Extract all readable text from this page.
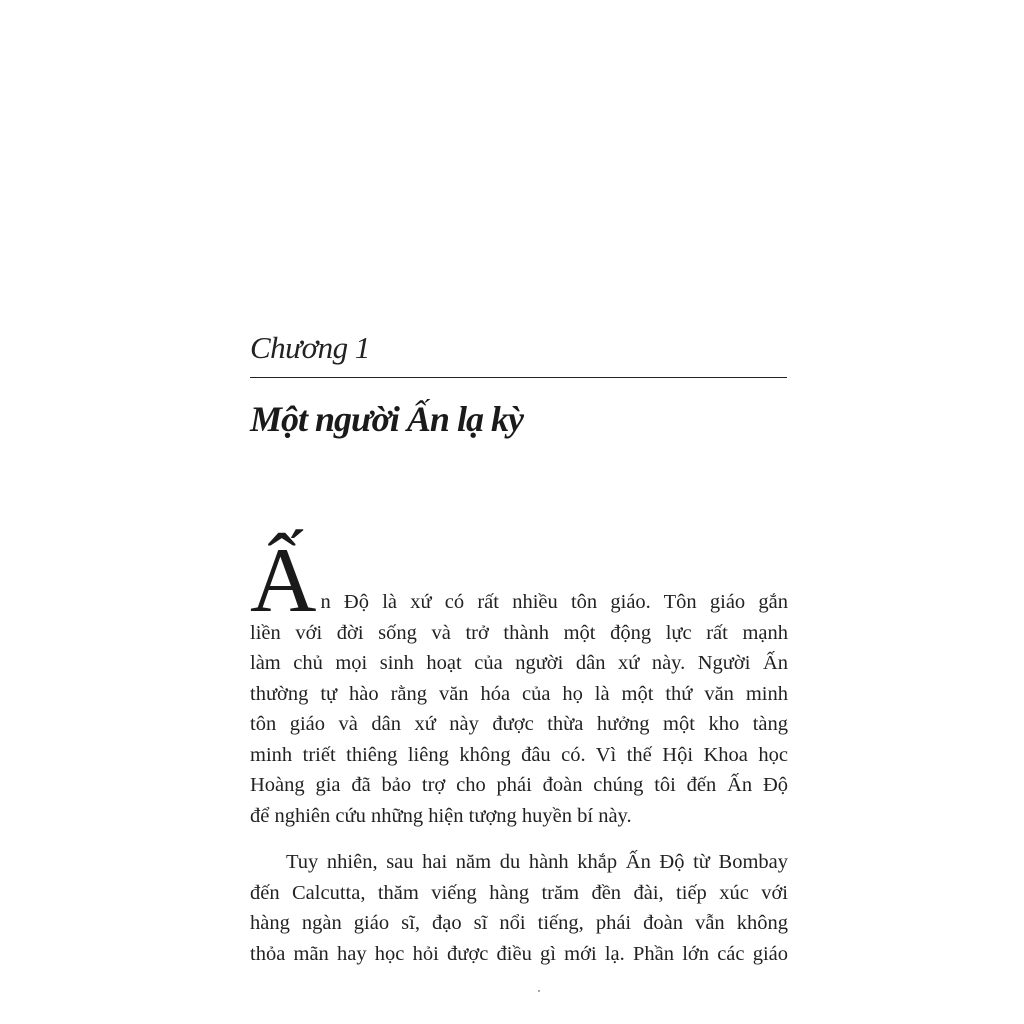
Chương 1
Một người Ấn lạ kỳ
Ấ n Độ là xứ có rất nhiều tôn giáo. Tôn giáo gắn
liền với đời sống và trở thành một động lực rất mạnh
làm chủ mọi sinh hoạt của người dân xứ này. Người Ấn
thường tự hào rằng văn hóa của họ là một thứ văn minh
tôn giáo và dân xứ này được thừa hưởng một kho tàng
minh triết thiêng liêng không đâu có. Vì thế Hội Khoa học
Hoàng gia đã bảo trợ cho phái đoàn chúng tôi đến Ấn Độ
để nghiên cứu những hiện tượng huyền bí này.

Tuy nhiên, sau hai năm du hành khắp Ấn Độ từ Bombay
đến Calcutta, thăm viếng hàng trăm đền đài, tiếp xúc với
hàng ngàn giáo sĩ, đạo sĩ nổi tiếng, phái đoàn vẫn không
thỏa mãn hay học hỏi được điều gì mới lạ. Phần lớn các giáo
